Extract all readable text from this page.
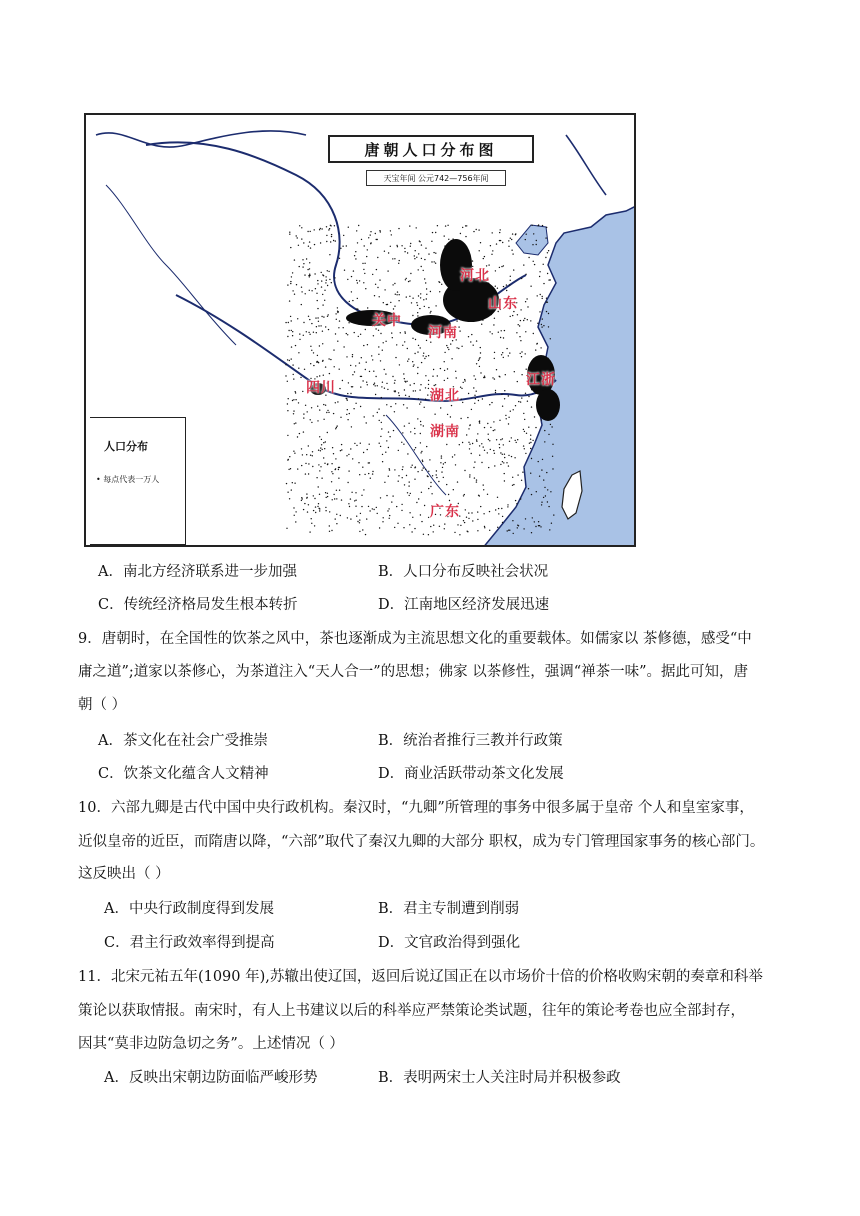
唐朝人口分布图
天宝年间 公元742—756年间
人口分布
• 每点代表一万人
河北
山东
关中
河南
四川	江浙
湖北
湖南
广东
A．南北方经济联系进一步加强	B．人口分布反映社会状况
C．传统经济格局发生根本转折	D．江南地区经济发展迅速
9．唐朝时，在全国性的饮茶之风中，茶也逐渐成为主流思想文化的重要载体。如儒家以 茶修德，感受“中
庸之道”;道家以茶修心，为茶道注入“天人合一”的思想；佛家 以茶修性，强调“禅茶一味”。据此可知，唐
朝（ ）
A．茶文化在社会广受推崇	B．统治者推行三教并行政策
C．饮茶文化蕴含人文精神	D．商业活跃带动茶文化发展
10．六部九卿是古代中国中央行政机构。秦汉时，“九卿”所管理的事务中很多属于皇帝 个人和皇室家事，
近似皇帝的近臣，而隋唐以降，“六部”取代了秦汉九卿的大部分 职权，成为专门管理国家事务的核心部门。
这反映出（ ）
A．中央行政制度得到发展	B．君主专制遭到削弱
C．君主行政效率得到提高	D．文官政治得到强化
11．北宋元祐五年(1090 年),苏辙出使辽国，返回后说辽国正在以市场价十倍的价格收购宋朝的奏章和科举
策论以获取情报。南宋时，有人上书建议以后的科举应严禁策论类试题，往年的策论考卷也应全部封存，
因其“莫非边防急切之务”。上述情况（ ）
A．反映出宋朝边防面临严峻形势	B．表明两宋士人关注时局并积极参政
